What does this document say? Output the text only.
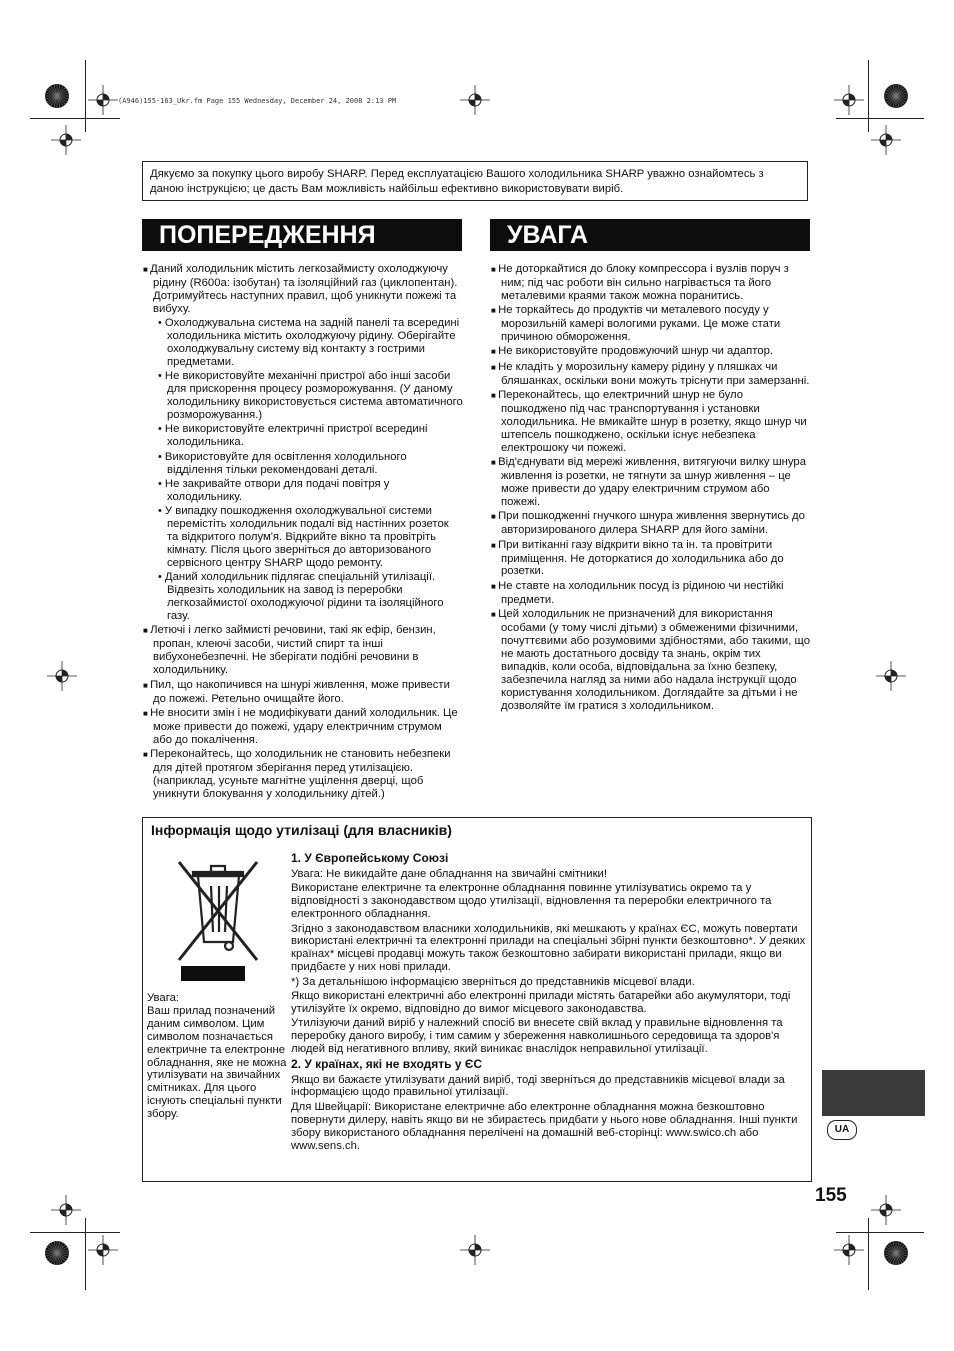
(A946)155-163_Ukr.fm Page 155 Wednesday, December 24, 2008 2:13 PM
Дякуємо за покупку цього виробу SHARP. Перед експлуатацією Вашого холодильника SHARP уважно ознайомтесь з даною інструкцією; це дасть Вам можливість найбільш ефективно використовувати виріб.
ПОПЕРЕДЖЕННЯ	УВАГА

■ Даний холодильник містить легкозаймисту охолоджуючу рідину (R600a: ізобутан) та ізоляційний газ (циклопентан). Дотримуйтесь наступних правил, щоб уникнути пожежі та вибуху.

• Охолоджувальна система на задній панелі та всередині холодильника містить охолоджуючу рідину. Оберігайте охолоджувальну систему від контакту з гострими предметами.

• Не використовуйте механічні пристрої або інші засоби для прискорення процесу розморожування. (У даному холодильнику використовується система автоматичного розморожування.)

• Не використовуйте електричні пристрої всередині холодильника.

• Використовуйте для освітлення холодильного відділення тільки рекомендовані деталі.

• Не закривайте отвори для подачі повітря у холодильнику.

• У випадку пошкодження охолоджувальної системи перемістіть холодильник подалі від настінних розеток та відкритого полум'я. Відкрийте вікно та провітріть кімнату. Після цього зверніться до авторизованого сервісного центру SHARP щодо ремонту.

• Даний холодильник підлягає спеціальній утилізації. Відвезіть холодильник на завод із переробки легкозаймистої охолоджуючої рідини та ізоляційного газу.

■ Летючі і легко займисті речовини, такі як ефір, бензин, пропан, клеючі засоби, чистий спирт та інші вибухонебезпечні. Не зберігати подібні речовини в холодильнику.

■ Пил, що накопичився на шнурі живлення, може привести до пожежі. Ретельно очищайте його.

■ Не вносити змін і не модифікувати даний холодильник. Це може привести до пожежі, удару електричним струмом або до покалічення.

■ Переконайтесь, що холодильник не становить небезпеки для дітей протягом зберігання перед утилізацією. (наприклад, усуньте магнітне ущілення дверці, щоб уникнути блокування у холодильнику дітей.)

■ Не доторкайтися до блоку компрессора і вузлів поруч з ним; під час роботи він сильно нагрівається та його металевими краями також можна поранитись.

■ Не торкайтесь до продуктів чи металевого посуду у морозильній камері вологими руками. Це може стати причиною обмороження.

■ Не використовуйте продовжуючий шнур чи адаптор.

■ Не кладіть у морозильну камеру рідину у пляшках чи бляшанках, оскільки вони можуть тріснути при замерзанні.

■ Переконайтесь, що електричний шнур не було пошкоджено під час транспортування і установки холодильника. Не вмикайте шнур в розетку, якщо шнур чи штепсель пошкоджено, оскільки існує небезпека електрошоку чи пожежі.

■ Від'єднувати від мережі живлення, витягуючи вилку шнура живлення із розетки, не тягнути за шнур живлення – це може привести до удару електричним струмом або пожежі.

■ При пошкодженні гнучкого шнура живлення звернутись до авторизированого дилера SHARP для його заміни.

■ При витіканні газу відкрити вікно та ін. та провітрити приміщення. Не доторкатися до холодильника або до розетки.

■ Не ставте на холодильник посуд із рідиною чи нестійкі предмети.

■ Цей холодильник не призначений для використання особами (у тому числі дітьми) з обмеженими фізичними, почуттєвими або розумовими здібностями, або такими, що не мають достатнього досвіду та знань, окрім тих випадків, коли особа, відповідальна за їхню безпеку, забезпечила нагляд за ними або надала інструкції щодо користування холодильником. Доглядайте за дітьми і не дозволяйте їм гратися з холодильником.

Інформація щодо утилізаці (для власників)
Увага:
Ваш прилад позначений даним символом. Цим символом позначається електричне та електронне обладнання, яке не можна утилізувати на звичайних смітниках. Для цього існують спеціальні пункти збору.

1. У Європейському Союзі

Увага: Не викидайте дане обладнання на звичайні смітники!

Використане електричне та електронне обладнання повинне утилізуватись окремо та у відповідності з законодавством щодо утилізації, відновлення та переробки електричного та електронного обладнання.

Згідно з законодавством власники холодильників, які мешкають у країнах ЄС, можуть повертати використані електричні та електронні прилади на спеціальні збірні пункти безкоштовно*. У деяких країнах* місцеві продавці можуть також безкоштовно забирати використані прилади, якщо ви придбаєте у них нові прилади.

*) За детальнішою інформацією зверніться до представників місцевої влади.

Якщо використані електричні або електронні прилади містять батарейки або акумулятори, тоді утилізуйте їх окремо, відповідно до вимог місцевого законодавства.

Утилізуючи даний виріб у належний спосіб ви внесете свій вклад у правильне відновлення та переробку даного виробу, і тим самим у збереження навколишнього середовища та здоров'я людей від негативного впливу, який виникає внаслідок неправильної утилізації.

2. У країнах, які не входять у ЄС

Якщо ви бажаєте утилізувати даний виріб, тоді зверніться до представників місцевої влади за інформацією щодо правильної утилізації.

Для Швейцарії: Використане електричне або електронне обладнання можна безкоштовно повернути дилеру, навіть якщо ви не збираєтесь придбати у нього нове обладнання. Інші пункти збору використаного обладнання перелічені на домашній веб-сторінці: www.swico.ch або www.sens.ch.

UA
155
